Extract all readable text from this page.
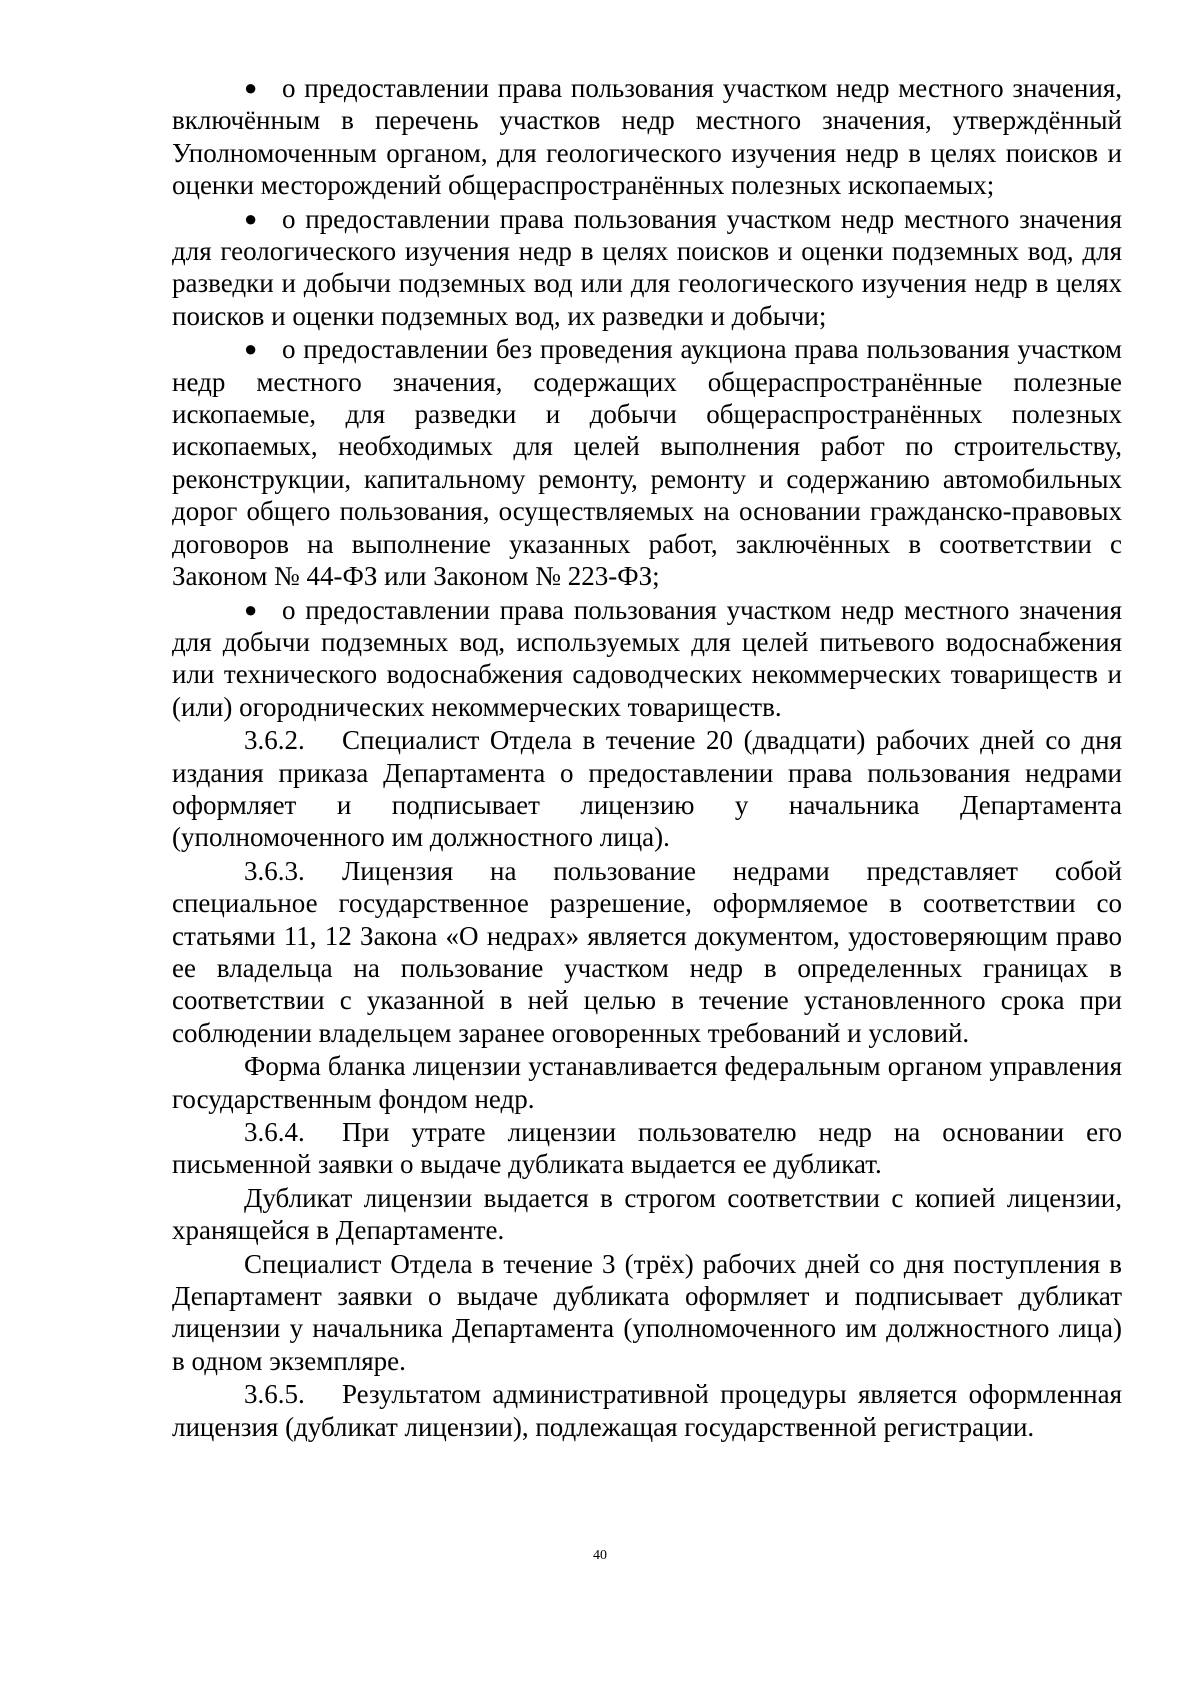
● о предоставлении права пользования участком недр местного значения, включённым в перечень участков недр местного значения, утверждённый Уполномоченным органом, для геологического изучения недр в целях поисков и оценки месторождений общераспространённых полезных ископаемых;

● о предоставлении права пользования участком недр местного значения для геологического изучения недр в целях поисков и оценки подземных вод, для разведки и добычи подземных вод или для геологического изучения недр в целях поисков и оценки подземных вод, их разведки и добычи;

● о предоставлении без проведения аукциона права пользования участком недр местного значения, содержащих общераспространённые полезные ископаемые, для разведки и добычи общераспространённых полезных ископаемых, необходимых для целей выполнения работ по строительству, реконструкции, капитальному ремонту, ремонту и содержанию автомобильных дорог общего пользования, осуществляемых на основании гражданско-правовых договоров на выполнение указанных работ, заключённых в соответствии с Законом № 44-ФЗ или Законом № 223-ФЗ;

● о предоставлении права пользования участком недр местного значения для добычи подземных вод, используемых для целей питьевого водоснабжения или технического водоснабжения садоводческих некоммерческих товариществ и (или) огороднических некоммерческих товариществ.

3.6.2. Специалист Отдела в течение 20 (двадцати) рабочих дней со дня издания приказа Департамента о предоставлении права пользования недрами оформляет и подписывает лицензию у начальника Департамента (уполномоченного им должностного лица).

3.6.3. Лицензия на пользование недрами представляет собой специальное государственное разрешение, оформляемое в соответствии со статьями 11, 12 Закона «О недрах» является документом, удостоверяющим право ее владельца на пользование участком недр в определенных границах в соответствии с указанной в ней целью в течение установленного срока при соблюдении владельцем заранее оговоренных требований и условий.

Форма бланка лицензии устанавливается федеральным органом управления государственным фондом недр.

3.6.4. При утрате лицензии пользователю недр на основании его письменной заявки о выдаче дубликата выдается ее дубликат.

Дубликат лицензии выдается в строгом соответствии с копией лицензии, хранящейся в Департаменте.

Специалист Отдела в течение 3 (трёх) рабочих дней со дня поступления в Департамент заявки о выдаче дубликата оформляет и подписывает дубликат лицензии у начальника Департамента (уполномоченного им должностного лица) в одном экземпляре.

3.6.5. Результатом административной процедуры является оформленная лицензия (дубликат лицензии), подлежащая государственной регистрации.

40
